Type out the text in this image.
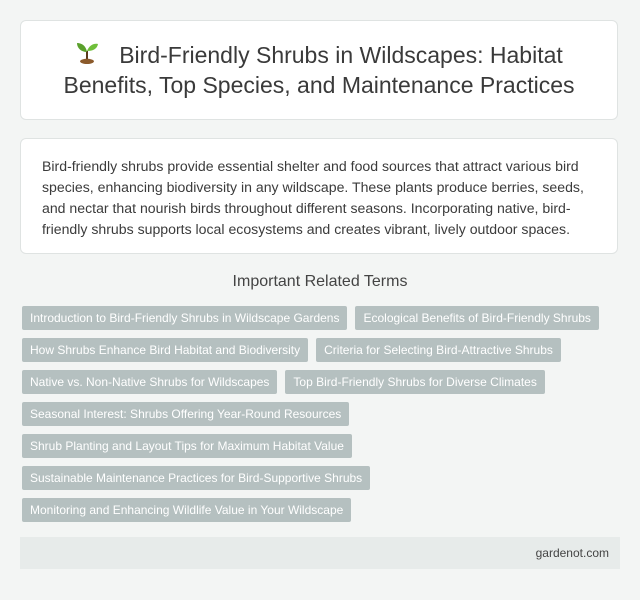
Bird-Friendly Shrubs in Wildscapes: Habitat Benefits, Top Species, and Maintenance Practices

Bird-friendly shrubs provide essential shelter and food sources that attract various bird species, enhancing biodiversity in any wildscape. These plants produce berries, seeds, and nectar that nourish birds throughout different seasons. Incorporating native, bird-friendly shrubs supports local ecosystems and creates vibrant, lively outdoor spaces.

Important Related Terms
Introduction to Bird-Friendly Shrubs in Wildscape Gardens	Ecological Benefits of Bird-Friendly Shrubs
How Shrubs Enhance Bird Habitat and Biodiversity	Criteria for Selecting Bird-Attractive Shrubs
Native vs. Non-Native Shrubs for Wildscapes	Top Bird-Friendly Shrubs for Diverse Climates
Seasonal Interest: Shrubs Offering Year-Round Resources
Shrub Planting and Layout Tips for Maximum Habitat Value
Sustainable Maintenance Practices for Bird-Supportive Shrubs
Monitoring and Enhancing Wildlife Value in Your Wildscape
gardenot.com
